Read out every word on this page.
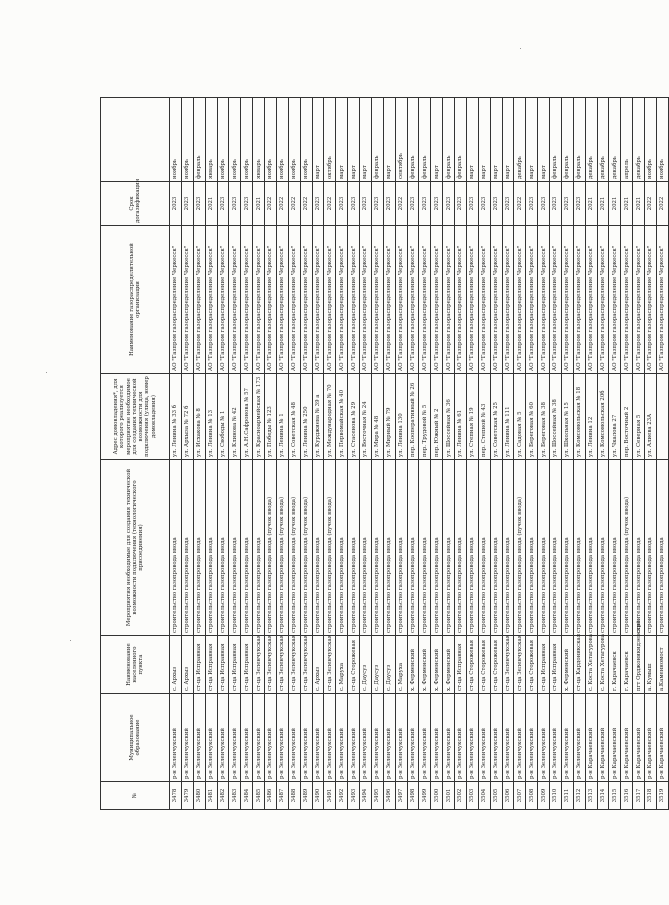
№	Муниципальное образование	Наименование населенного пункта	Мероприятия необходимые для создания технической возможности подключения (технологического присоединения)	Адрес домовладения*, для которого реализуется мероприятие необходимое для создания технической возможности для подключения (улица, номер домовладения)	Наименование газораспределительной организации	Срок догазификации	
3478	р-н Зеленчукский	с. Архыз	строительство газопровода ввода	ул. Ленина № 33 б	АО "Газпром газораспределение Черкесск"	2023	ноябрь
3479	р-н Зеленчукский	с. Архыз	строительство газопровода ввода	ул. Архыза № 72 б	АО "Газпром газораспределение Черкесск"	2023	ноябрь
3480	р-н Зеленчукский	ст-ца Исправная	строительство газопровода ввода	ул. Исхакова № 8	АО "Газпром газораспределение Черкесск"	2023	февраль
3481	р-н Зеленчукский	ст-ца Исправная	строительство газопровода ввода	ул. Ленина № 13	АО "Газпром газораспределение Черкесск"	2021	январь
3482	р-н Зеленчукский	ст-ца Исправная	строительство газопровода ввода	ул. Свободы № 1	АО "Газпром газораспределение Черкесск"	2023	ноябрь
3483	р-н Зеленчукский	ст-ца Исправная	строительство газопровода ввода	ул. Клинова № 42	АО "Газпром газораспределение Черкесск"	2023	ноябрь
3484	р-н Зеленчукский	ст-ца Исправная	строительство газопровода ввода	ул. А.Н.Сафронова № 57	АО "Газпром газораспределение Черкесск"	2023	ноябрь
3485	р-н Зеленчукский	ст-ца Зеленчукская	строительство газопровода ввода	ул. Красноармейская № 173	АО "Газпром газораспределение Черкесск"	2021	январь
3486	р-н Зеленчукский	ст-ца Зеленчукская	строительство газопровода ввода (пучок ввода)	ул. Победы № 123	АО "Газпром газораспределение Черкесск"	2022	ноябрь
3487	р-н Зеленчукский	ст-ца Зеленчукская	строительство газопровода ввода (пучок ввода)	ул. Ленина № 1	АО "Газпром газораспределение Черкесск"	2022	ноябрь
3488	р-н Зеленчукский	ст-ца Зеленчукская	строительство газопровода ввода (пучок ввода)	ул. Советская № 48	АО "Газпром газораспределение Черкесск"	2022	ноябрь
3489	р-н Зеленчукский	ст-ца Зеленчукская	строительство газопровода ввода (пучок ввода)	ул. Ленина № 250	АО "Газпром газораспределение Черкесск"	2022	ноябрь
3490	р-н Зеленчукский	с. Архыз	строительство газопровода ввода	ул. Курджиева № 39 а	АО "Газпром газораспределение Черкесск"	2023	март
3491	р-н Зеленчукский	ст-ца Зеленчукская	строительство газопровода ввода (пучок ввода)	ул. Международная № 70	АО "Газпром газораспределение Черкесск"	2022	октябрь
3492	р-н Зеленчукский	с. Маруха	строительство газопровода ввода	ул. Первомайская № 40	АО "Газпром газораспределение Черкесск"	2023	март
3493	р-н Зеленчукский	ст-ца Сторожевая	строительство газопровода ввода	ул. Стасенова № 29	АО "Газпром газораспределение Черкесск"	2023	март
3494	р-н Зеленчукский	с. Даусуз	строительство газопровода ввода	ул. Восточная № 24	АО "Газпром газораспределение Черкесск"	2023	март
3495	р-н Зеленчукский	с. Даусуз	строительство газопровода ввода	ул. Мира № 48	АО "Газпром газораспределение Черкесск"	2023	февраль
3496	р-н Зеленчукский	с. Даусуз	строительство газопровода ввода	ул. Мирный № 79	АО "Газпром газораспределение Черкесск"	2023	март
3497	р-н Зеленчукский	с. Маруха	строительство газопровода ввода	ул. Ленина 130	АО "Газпром газораспределение Черкесск"	2022	сентябрь
3498	р-н Зеленчукский	х. Ферменский	строительство газопровода ввода	пер. Кооперативный № 26	АО "Газпром газораспределение Черкесск"	2023	февраль
3499	р-н Зеленчукский	х. Ферменский	строительство газопровода ввода	пер. Трудовой № 5	АО "Газпром газораспределение Черкесск"	2023	февраль
3500	р-н Зеленчукский	х. Ферменский	строительство газопровода ввода	пер. Южный № 2	АО "Газпром газораспределение Черкесск"	2023	март
3501	р-н Зеленчукский	х. Ферменский	строительство газопровода ввода	ул. Шоссейная № 36	АО "Газпром газораспределение Черкесск"	2023	февраль
3502	р-н Зеленчукский	ст-ца Исправная	строительство газопровода ввода	ул. Ленина № 61	АО "Газпром газораспределение Черкесск"	2023	февраль
3503	р-н Зеленчукский	ст-ца Сторожевая	строительство газопровода ввода	ул. Степная № 19	АО "Газпром газораспределение Черкесск"	2023	март
3504	р-н Зеленчукский	ст-ца Сторожевая	строительство газопровода ввода	пер. Степной № 43	АО "Газпром газораспределение Черкесск"	2023	март
3505	р-н Зеленчукский	ст-ца Сторожевая	строительство газопровода ввода	ул. Советская № 25	АО "Газпром газораспределение Черкесск"	2023	март
3506	р-н Зеленчукский	ст-ца Зеленчукская	строительство газопровода ввода	ул. Ленина № 111	АО "Газпром газораспределение Черкесск"	2023	март
3507	р-н Зеленчукский	ст-ца Зеленчукская	строительство газопровода ввода (пучок ввода)	ул. Садовая № 5	АО "Газпром газораспределение Черкесск"	2022	декабрь
3508	р-н Зеленчукский	ст-ца Сторожевая	строительство газопровода ввода	ул. Береговая № 60	АО "Газпром газораспределение Черкесск"	2023	март
3509	р-н Зеленчукский	ст-ца Исправная	строительство газопровода ввода	ул. Береговая № 38	АО "Газпром газораспределение Черкесск"	2023	март
3510	р-н Зеленчукский	ст-ца Исправная	строительство газопровода ввода	ул. Шоссейная № 38	АО "Газпром газораспределение Черкесск"	2023	февраль
3511	р-н Зеленчукский	х. Ферменский	строительство газопровода ввода	ул. Школьная № 15	АО "Газпром газораспределение Черкесск"	2023	февраль
3512	р-н Зеленчукский	ст-ца Кардоникская	строительство газопровода ввода	ул. Комсомольская № 18	АО "Газпром газораспределение Черкесск"	2023	февраль
3513	р-н Карачаевский	с. Коста Хетагурова	строительство газопровода ввода	ул. Ленина 12	АО "Газпром газораспределение Черкесск"	2021	декабрь
3514	р-н Карачаевский	с. Коста Хетагурова	строительство газопровода ввода	ул. Комсомольская 20б	АО "Газпром газораспределение Черкесск"	2021	декабрь
3515	р-н Карачаевский	г. Карачаевск	строительство газопровода ввода	ул. Чкалова 27	АО "Газпром газораспределение Черкесск"	2021	декабрь
3516	р-н Карачаевский	г. Карачаевск	строительство газопровода ввода (пучок ввода)	пер. Восточный 2	АО "Газпром газораспределение Черкесск"	2021	апрель
3517	р-н Карачаевский	пгт Орджоникидзевский	строительство газопровода ввода	ул. Северная 5	АО "Газпром газораспределение Черкесск"	2021	декабрь
3518	р-н Карачаевский	а. Кумыш	строительство газопровода ввода	ул. Алиева 23А	АО "Газпром газораспределение Черкесск"	2022	ноябрь
3519	р-н Карачаевский	а.Каменномост	строительство газопровода ввода		АО "Газпром газораспределение Черкесск"	2022	ноябрь
